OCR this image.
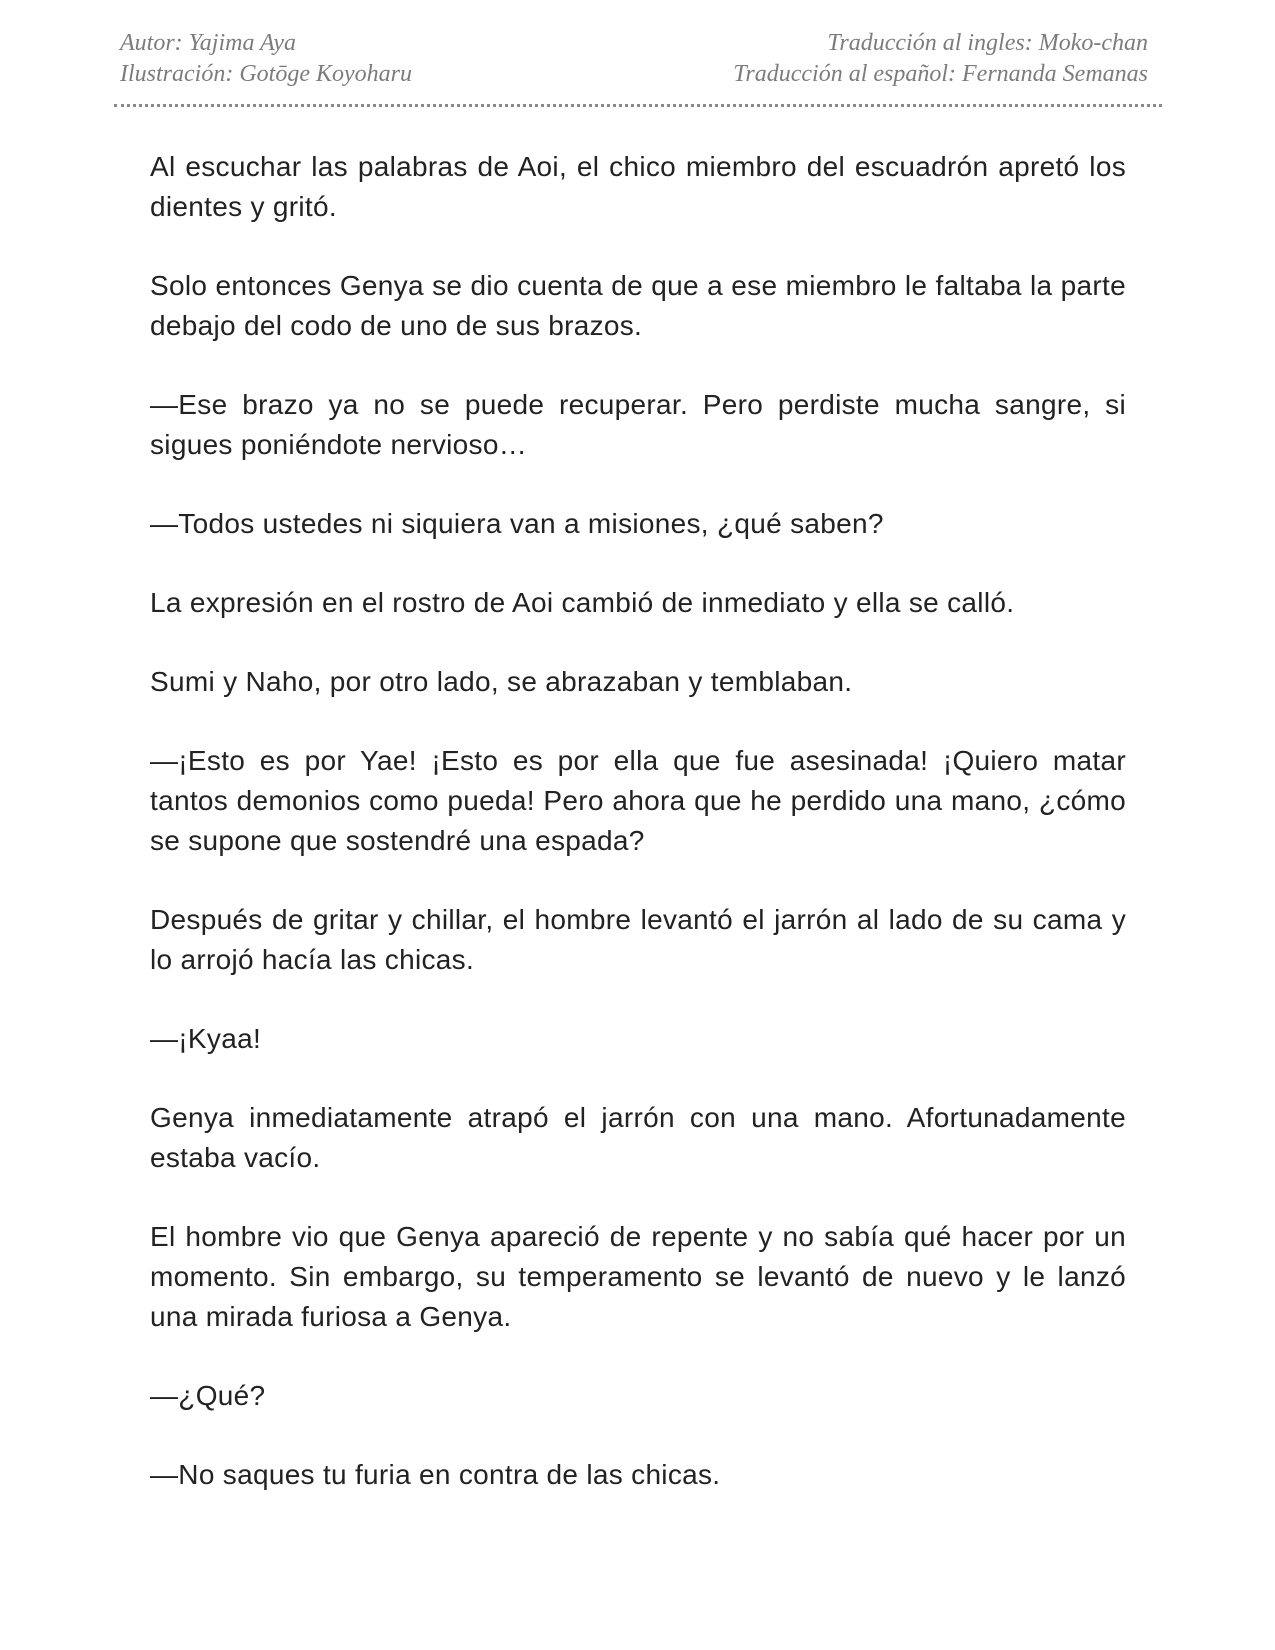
Autor: Yajima Aya
Ilustración: Gotōge Koyoharu
Traducción al ingles: Moko-chan
Traducción al español: Fernanda Semanas

Al escuchar las palabras de Aoi, el chico miembro del escuadrón apretó los dientes y gritó.

Solo entonces Genya se dio cuenta de que a ese miembro le faltaba la parte debajo del codo de uno de sus brazos.

—Ese brazo ya no se puede recuperar. Pero perdiste mucha sangre, si sigues poniéndote nervioso…

—Todos ustedes ni siquiera van a misiones, ¿qué saben?

La expresión en el rostro de Aoi cambió de inmediato y ella se calló.

Sumi y Naho, por otro lado, se abrazaban y temblaban.

—¡Esto es por Yae! ¡Esto es por ella que fue asesinada! ¡Quiero matar tantos demonios como pueda! Pero ahora que he perdido una mano, ¿cómo se supone que sostendré una espada?

Después de gritar y chillar, el hombre levantó el jarrón al lado de su cama y lo arrojó hacía las chicas.

—¡Kyaa!

Genya inmediatamente atrapó el jarrón con una mano. Afortunadamente estaba vacío.

El hombre vio que Genya apareció de repente y no sabía qué hacer por un momento. Sin embargo, su temperamento se levantó de nuevo y le lanzó una mirada furiosa a Genya.

—¿Qué?

—No saques tu furia en contra de las chicas.
